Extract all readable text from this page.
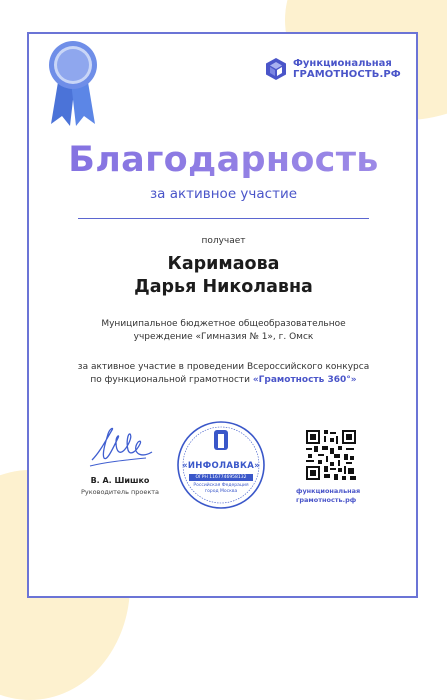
Функциональная
ГРАМОТНОСТЬ.РФ
Благодарность
за активное участие
получает
Каримаова
Дарья Николавна
Муниципальное бюджетное общеобразовательное
учреждение «Гимназия № 1», г. Омск
за активное участие в проведении Всероссийского конкурса
по функциональной грамотности «Грамотность 360°»
В. А. Шишко
Руководитель проекта
«ИНФОЛАВКА»
ОГРН 1167746958132
Российская Федерация
город Москва	функциональная
грамотность.рф
